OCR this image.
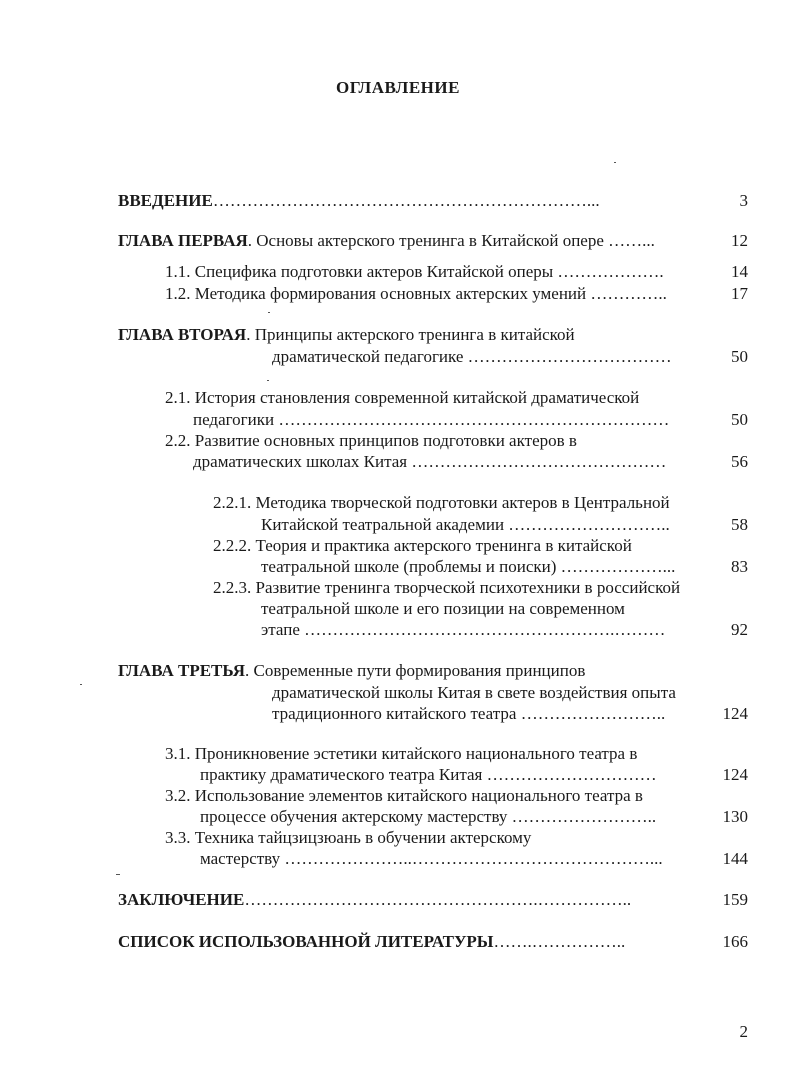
ОГЛАВЛЕНИЕ
ВВЕДЕНИЕ…………………………………………………………...	3
ГЛАВА ПЕРВАЯ. Основы актерского тренинга в Китайской опере ……...	12
1.1. Специфика подготовки актеров Китайской оперы ……………….	14
1.2. Методика формирования основных актерских умений …………..	17
ГЛАВА ВТОРАЯ. Принципы актерского тренинга в китайской
драматической педагогике ………………………………	50
2.1. История становления современной китайской драматической
педагогики ……………………………………………………………	50
2.2. Развитие основных принципов подготовки актеров в
драматических школах Китая ………………………………………	56
2.2.1. Методика творческой подготовки актеров в Центральной
Китайской театральной академии ………………………..	58
2.2.2. Теория и практика актерского тренинга в китайской
театральной школе (проблемы и поиски) ………………...	83
2.2.3. Развитие тренинга творческой психотехники в российской
театральной школе и его позиции на современном
этапе ……………………………………………….………	92
ГЛАВА ТРЕТЬЯ. Современные пути формирования принципов
драматической школы Китая в свете воздействия опыта
традиционного китайского театра ……………………..	124
3.1. Проникновение эстетики китайского национального театра в
практику драматического театра Китая …………………………	124
3.2. Использование элементов китайского национального театра в
процессе обучения актерскому мастерству ……………………..	130
3.3. Техника тайцзицзюань в обучении актерскому
мастерству …………………..……………………………………...	144
ЗАКЛЮЧЕНИЕ…………………………………………….……………..	159
СПИСОК ИСПОЛЬЗОВАННОЙ ЛИТЕРАТУРЫ…….……………..	166
2
